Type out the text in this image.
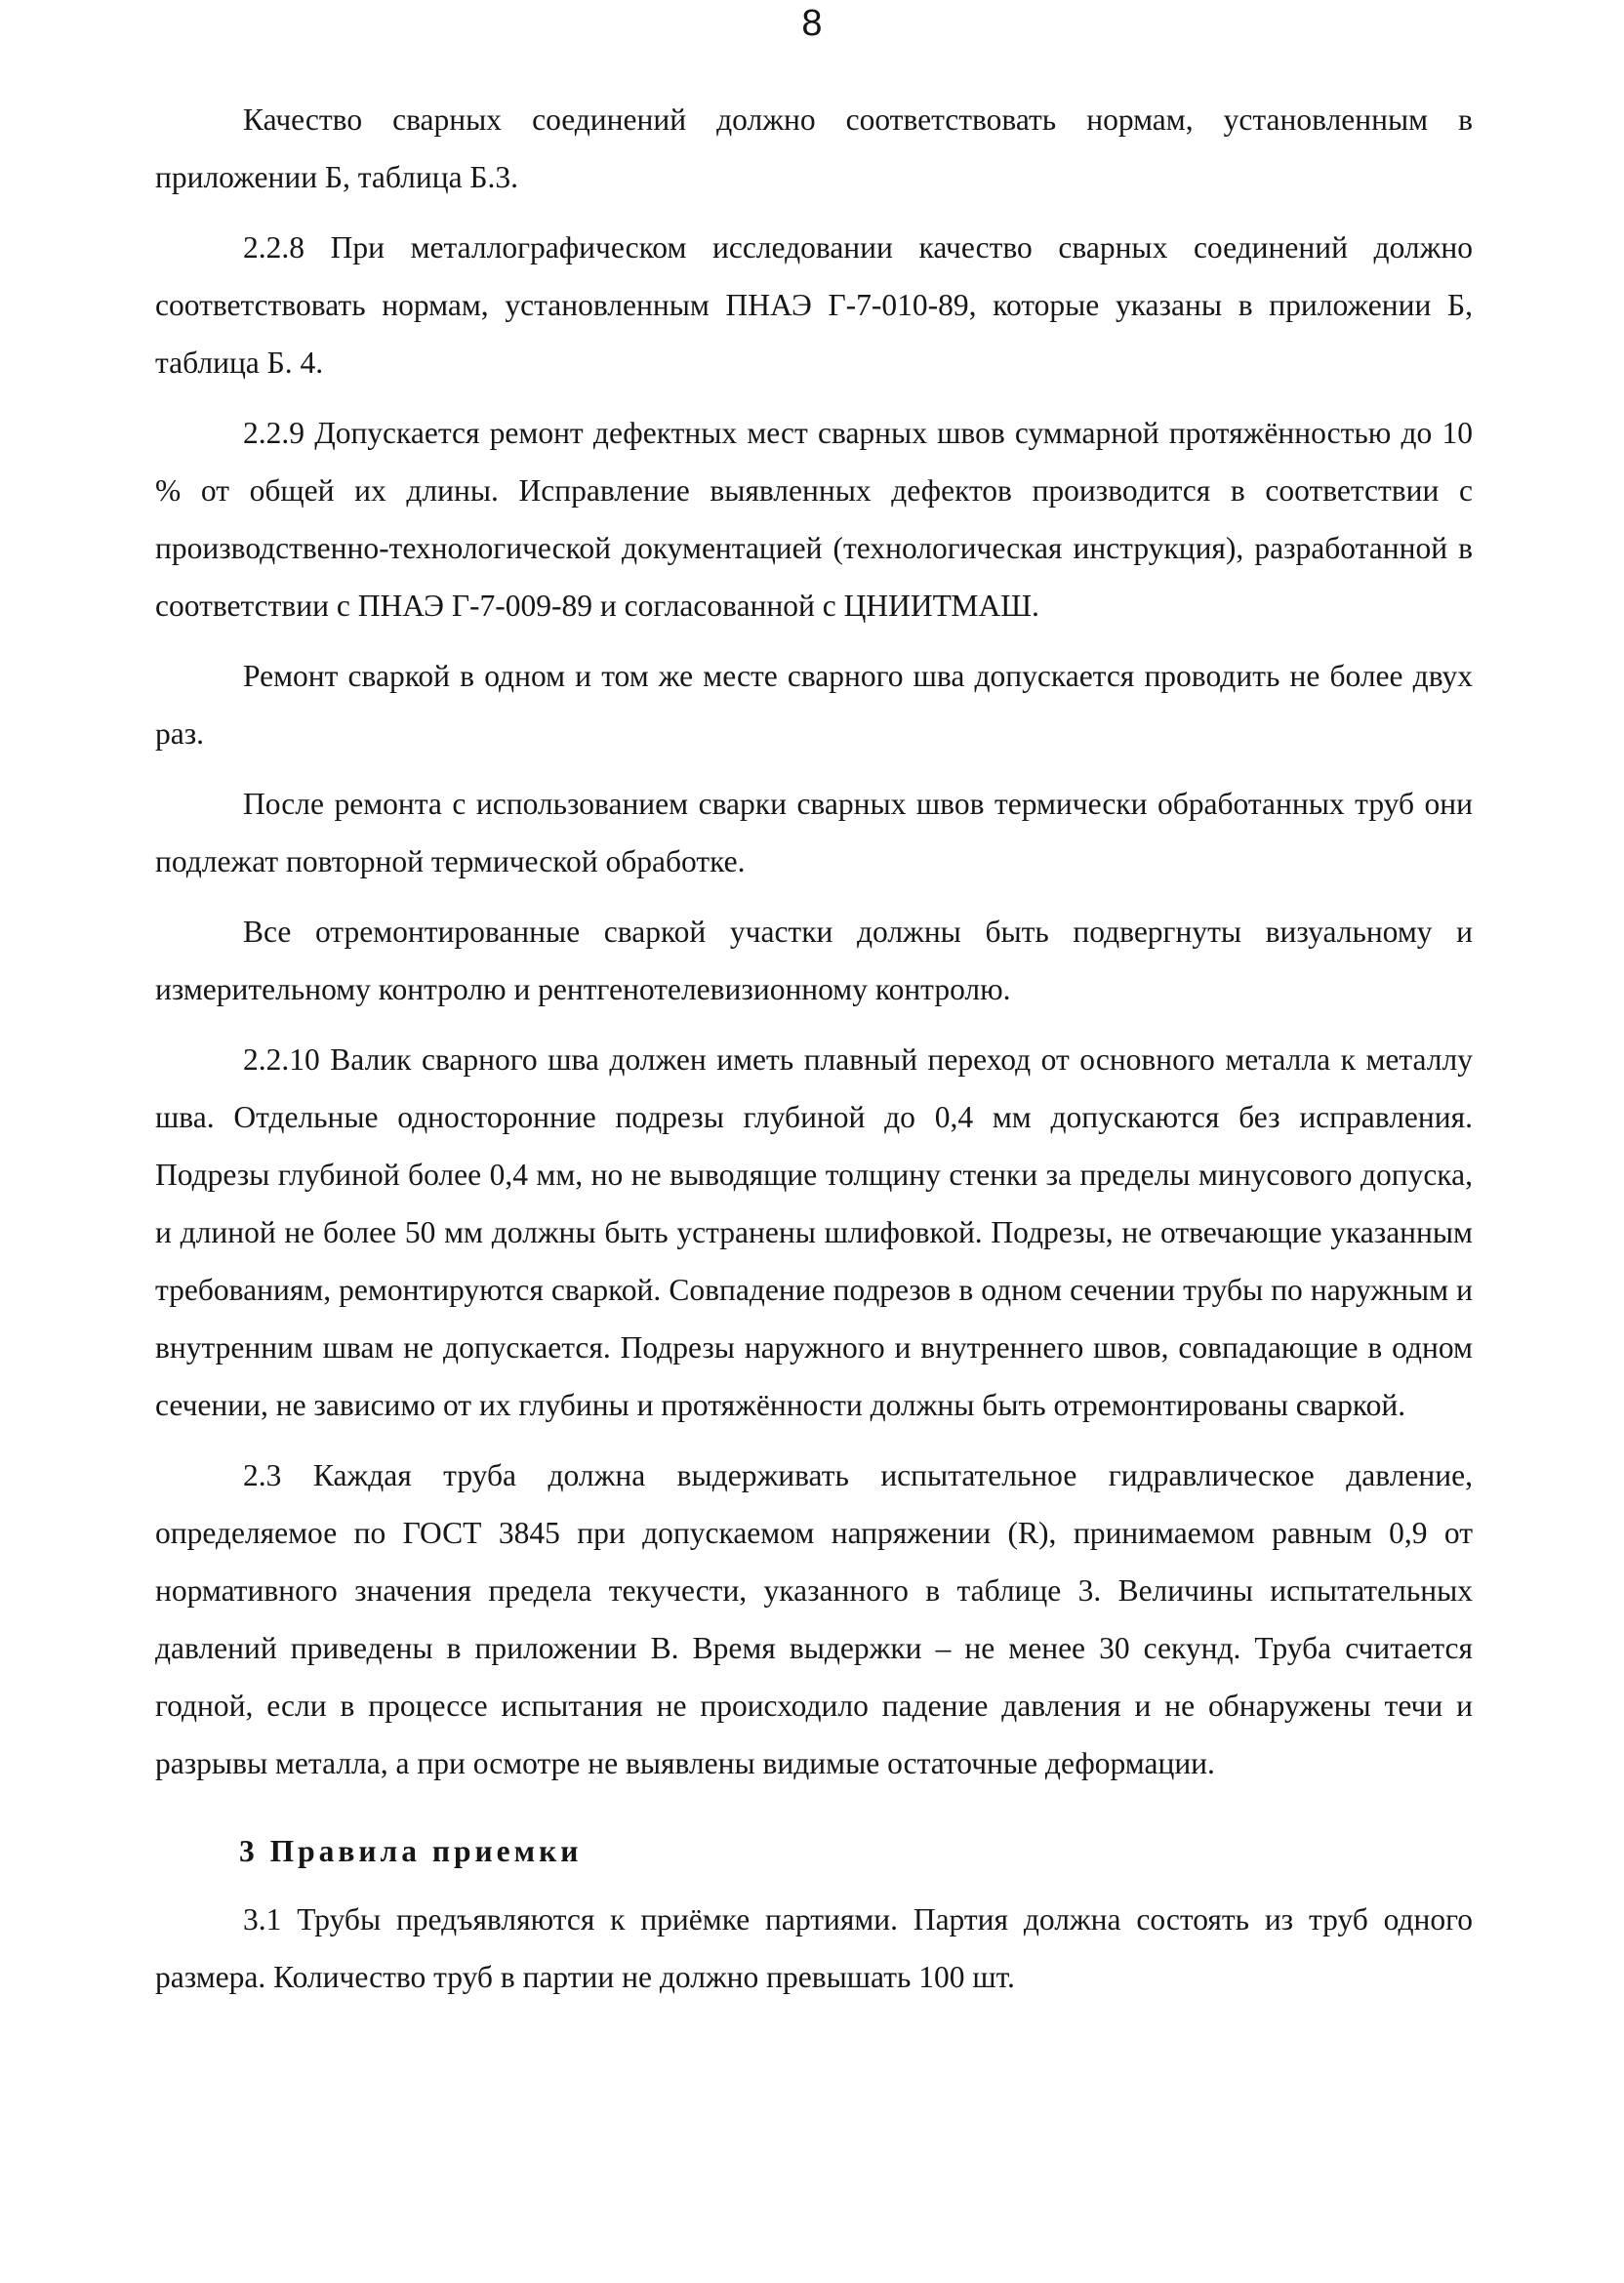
8

Качество сварных соединений должно соответствовать нормам, установленным в приложении Б, таблица Б.3.

2.2.8 При металлографическом исследовании качество сварных соединений должно соответствовать нормам, установленным ПНАЭ Г-7-010-89, которые указаны в приложении Б, таблица Б. 4.

2.2.9 Допускается ремонт дефектных мест сварных швов суммарной протяжённостью до 10 % от общей их длины. Исправление выявленных дефектов производится в соответствии с производственно-технологической документацией (технологическая инструкция), разработанной в соответствии с ПНАЭ Г-7-009-89 и согласованной с ЦНИИТМАШ.

Ремонт сваркой в одном и том же месте сварного шва допускается проводить не более двух раз.

После ремонта с использованием сварки сварных швов термически обработанных труб они подлежат повторной термической обработке.

Все отремонтированные сваркой участки должны быть подвергнуты визуальному и измерительному контролю и рентгенотелевизионному контролю.

2.2.10 Валик сварного шва должен иметь плавный переход от основного металла к металлу шва. Отдельные односторонние подрезы глубиной до 0,4 мм допускаются без исправления. Подрезы глубиной более 0,4 мм, но не выводящие толщину стенки за пределы минусового допуска, и длиной не более 50 мм должны быть устранены шлифовкой. Подрезы, не отвечающие указанным требованиям, ремонтируются сваркой. Совпадение подрезов в одном сечении трубы по наружным и внутренним швам не допускается. Подрезы наружного и внутреннего швов, совпадающие в одном сечении, не зависимо от их глубины и протяжённости должны быть отремонтированы сваркой.

2.3 Каждая труба должна выдерживать испытательное гидравлическое давление, определяемое по ГОСТ 3845 при допускаемом напряжении (R), принимаемом равным 0,9 от нормативного значения предела текучести, указанного в таблице 3. Величины испытательных давлений приведены в приложении В. Время выдержки – не менее 30 секунд. Труба считается годной, если в процессе испытания не происходило падение давления и не обнаружены течи и разрывы металла, а при осмотре не выявлены видимые остаточные деформации.

3 Правила приемки

3.1 Трубы предъявляются к приёмке партиями. Партия должна состоять из труб одного размера. Количество труб в партии не должно превышать 100 шт.
